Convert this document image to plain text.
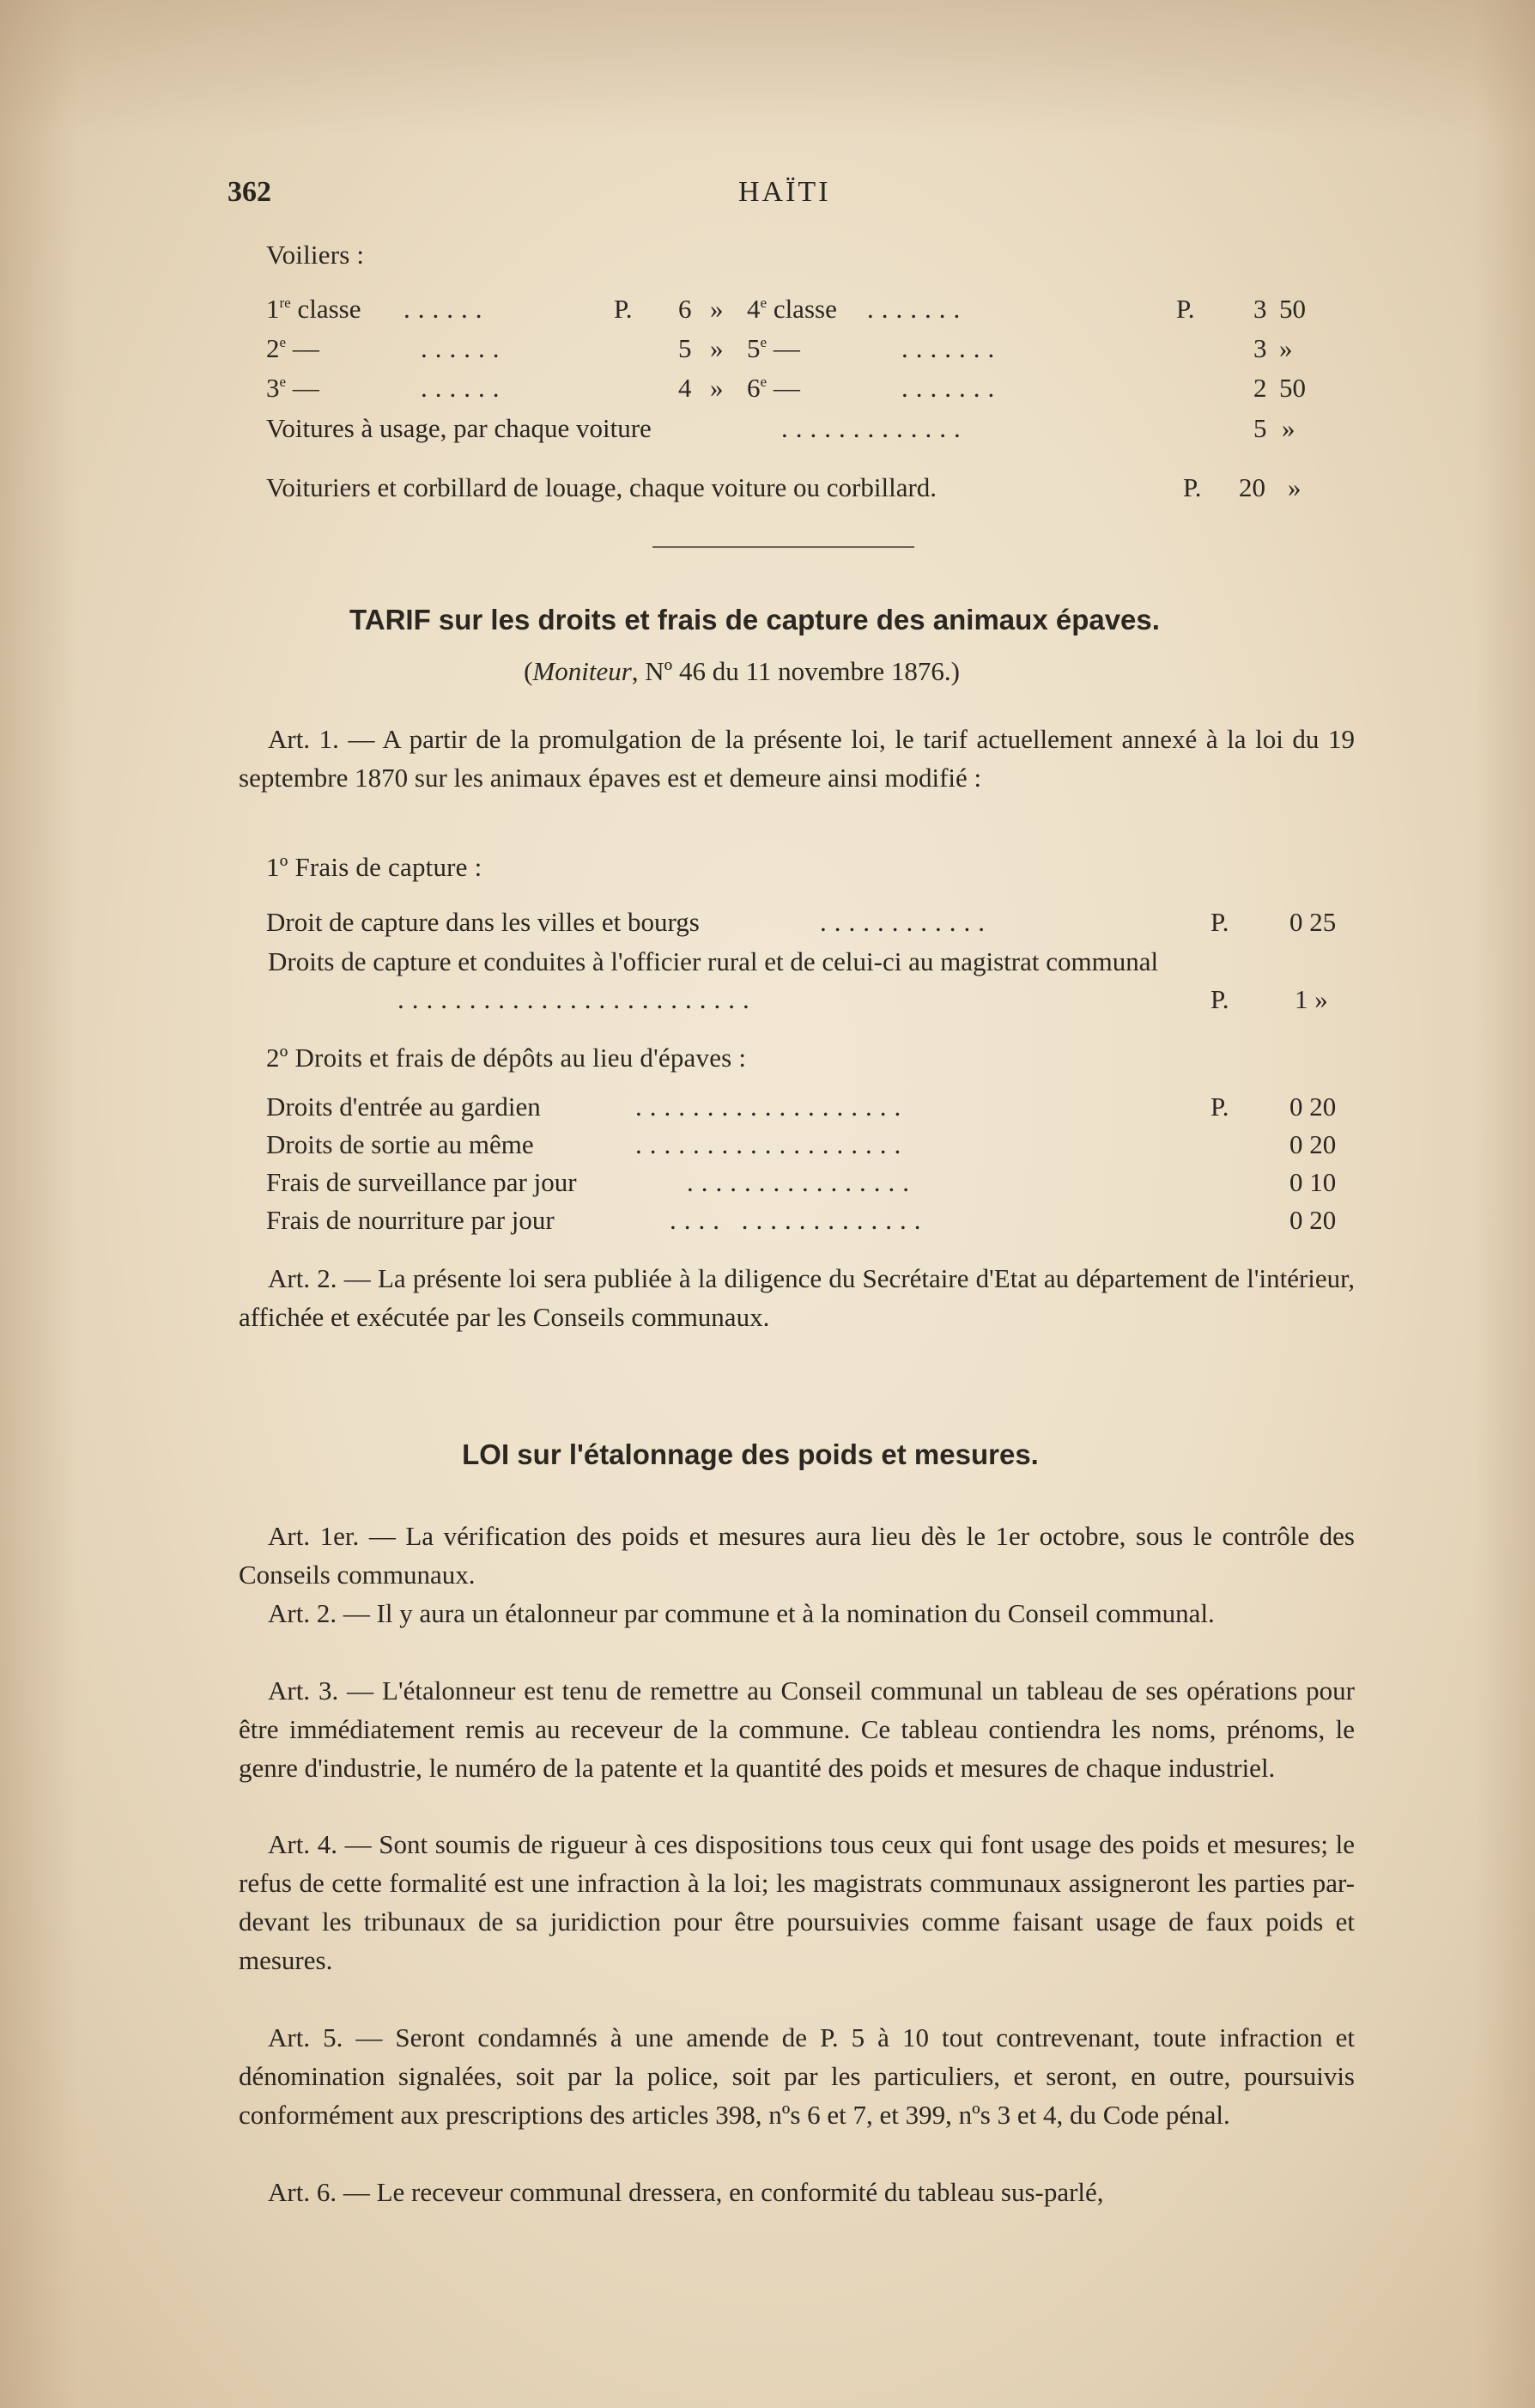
362	HAÏTI
Voiliers :
1re classe ......	P. 6 » 4e classe .......	P. 3 50
2e —	......	5 » 5e —	.......	3 »
3e —	......	4 » 6e —	.......	2 50
Voitures à usage, par chaque voiture	.............	5 »
Voituriers et corbillard de louage, chaque voiture ou corbillard.	P. 20 »
TARIF sur les droits et frais de capture des animaux épaves.
(Moniteur, Nº 46 du 11 novembre 1876.)
Art. 1. — A partir de la promulgation de la présente loi, le tarif actuellement annexé à la loi du 19 septembre 1870 sur les animaux épaves est et demeure ainsi modifié :
1º Frais de capture :
Droit de capture dans les villes et bourgs	............	P. 0 25
Droits de capture et conduites à l'officier rural et de celui-ci au magistrat communal
.........................	P. 1 »
2º Droits et frais de dépôts au lieu d'épaves :
Droits d'entrée au gardien	...................	P. 0 20
Droits de sortie au même	...................	0 20
Frais de surveillance par jour	................	0 10
Frais de nourriture par jour	.... .............	0 20
Art. 2. — La présente loi sera publiée à la diligence du Secrétaire d'Etat au département de l'intérieur, affichée et exécutée par les Conseils communaux.
LOI sur l'étalonnage des poids et mesures.
Art. 1er. — La vérification des poids et mesures aura lieu dès le 1er octobre, sous le contrôle des Conseils communaux.
Art. 2. — Il y aura un étalonneur par commune et à la nomination du Conseil communal.
Art. 3. — L'étalonneur est tenu de remettre au Conseil communal un tableau de ses opérations pour être immédiatement remis au receveur de la commune. Ce tableau contiendra les noms, prénoms, le genre d'industrie, le numéro de la patente et la quantité des poids et mesures de chaque industriel.
Art. 4. — Sont soumis de rigueur à ces dispositions tous ceux qui font usage des poids et mesures; le refus de cette formalité est une infraction à la loi; les magistrats communaux assigneront les parties par-devant les tribunaux de sa juridiction pour être poursuivies comme faisant usage de faux poids et mesures.
Art. 5. — Seront condamnés à une amende de P. 5 à 10 tout contrevenant, toute infraction et dénomination signalées, soit par la police, soit par les particuliers, et seront, en outre, poursuivis conformément aux prescriptions des articles 398, nºs 6 et 7, et 399, nºs 3 et 4, du Code pénal.
Art. 6. — Le receveur communal dressera, en conformité du tableau sus-parlé,
